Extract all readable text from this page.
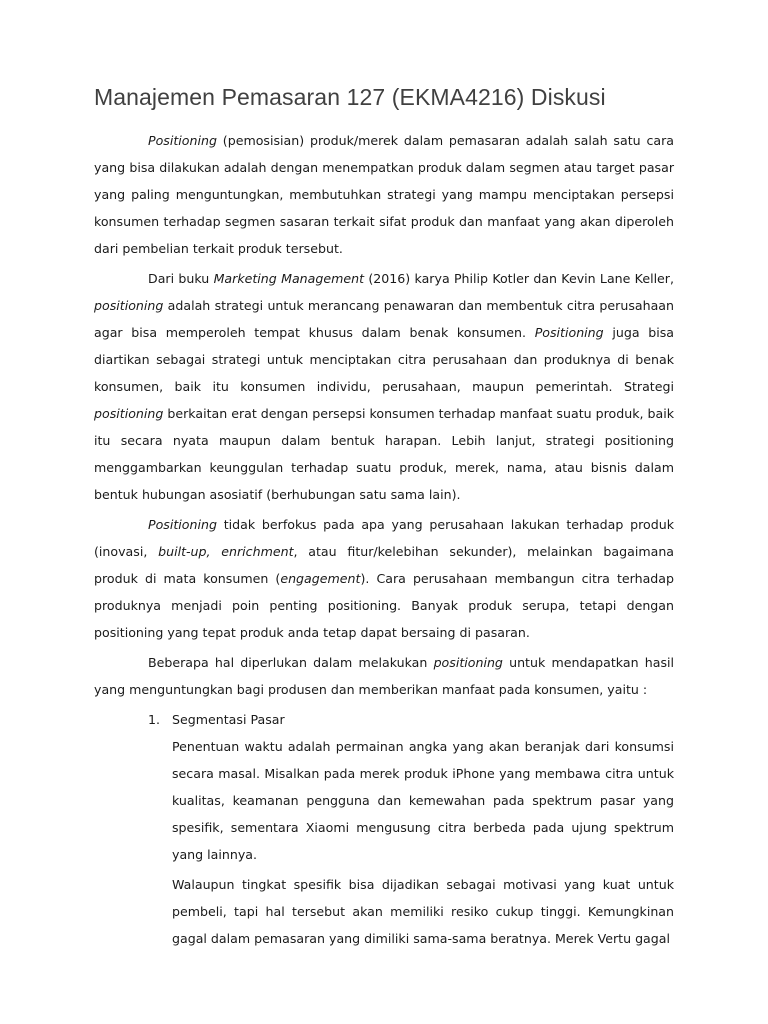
Manajemen Pemasaran 127 (EKMA4216) Diskusi

Positioning (pemosisian) produk/merek dalam pemasaran adalah salah satu cara yang bisa dilakukan adalah dengan menempatkan produk dalam segmen atau target pasar yang paling menguntungkan, membutuhkan strategi yang mampu menciptakan persepsi konsumen terhadap segmen sasaran terkait sifat produk dan manfaat yang akan diperoleh dari pembelian terkait produk tersebut.

Dari buku Marketing Management (2016) karya Philip Kotler dan Kevin Lane Keller, positioning adalah strategi untuk merancang penawaran dan membentuk citra perusahaan agar bisa memperoleh tempat khusus dalam benak konsumen. Positioning juga bisa diartikan sebagai strategi untuk menciptakan citra perusahaan dan produknya di benak konsumen, baik itu konsumen individu, perusahaan, maupun pemerintah. Strategi positioning berkaitan erat dengan persepsi konsumen terhadap manfaat suatu produk, baik itu secara nyata maupun dalam bentuk harapan. Lebih lanjut, strategi positioning menggambarkan keunggulan terhadap suatu produk, merek, nama, atau bisnis dalam bentuk hubungan asosiatif (berhubungan satu sama lain).

Positioning tidak berfokus pada apa yang perusahaan lakukan terhadap produk (inovasi, built-up, enrichment, atau fitur/kelebihan sekunder), melainkan bagaimana produk di mata konsumen (engagement). Cara perusahaan membangun citra terhadap produknya menjadi poin penting positioning. Banyak produk serupa, tetapi dengan positioning yang tepat produk anda tetap dapat bersaing di pasaran.

Beberapa hal diperlukan dalam melakukan positioning untuk mendapatkan hasil yang menguntungkan bagi produsen dan memberikan manfaat pada konsumen, yaitu :

1. Segmentasi Pasar

Penentuan waktu adalah permainan angka yang akan beranjak dari konsumsi secara masal. Misalkan pada merek produk iPhone yang membawa citra untuk kualitas, keamanan pengguna dan kemewahan pada spektrum pasar yang spesifik, sementara Xiaomi mengusung citra berbeda pada ujung spektrum yang lainnya.

Walaupun tingkat spesifik bisa dijadikan sebagai motivasi yang kuat untuk pembeli, tapi hal tersebut akan memiliki resiko cukup tinggi. Kemungkinan gagal dalam pemasaran yang dimiliki sama-sama beratnya. Merek Vertu gagal
